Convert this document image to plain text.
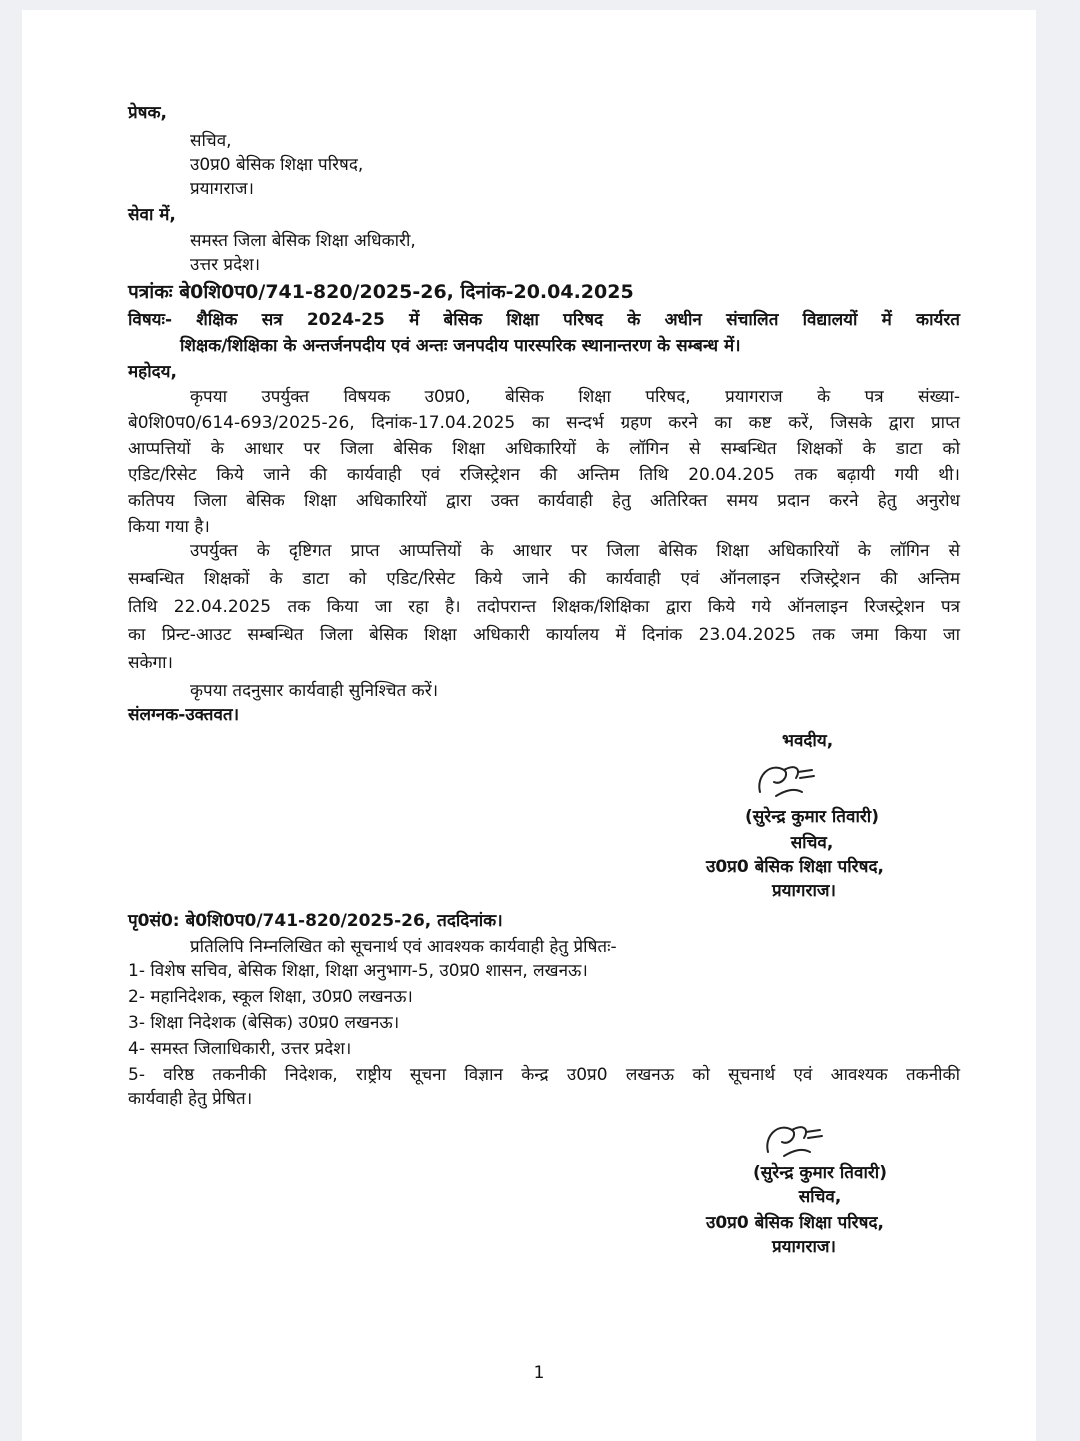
प्रेषक,
सचिव,
उ0प्र0 बेसिक शिक्षा परिषद,
प्रयागराज।
सेवा में,
समस्त जिला बेसिक शिक्षा अधिकारी,
उत्तर प्रदेश।
पत्रांकः बे0शि0प0/741-820/2025-26, दिनांक-20.04.2025
विषयः- शैक्षिक सत्र 2024-25 में बेसिक शिक्षा परिषद के अधीन संचालित विद्यालयों में कार्यरत
शिक्षक/शिक्षिका के अन्तर्जनपदीय एवं अन्तः जनपदीय पारस्परिक स्थानान्तरण के सम्बन्ध में।
महोदय,
कृपया उपर्युक्त विषयक उ0प्र0, बेसिक शिक्षा परिषद, प्रयागराज के पत्र संख्या-
बे0शि0प0/614-693/2025-26, दिनांक-17.04.2025 का सन्दर्भ ग्रहण करने का कष्ट करें, जिसके द्वारा प्राप्त
आप्पत्तियों के आधार पर जिला बेसिक शिक्षा अधिकारियों के लॉगिन से सम्बन्धित शिक्षकों के डाटा को
एडिट/रिसेट किये जाने की कार्यवाही एवं रजिस्ट्रेशन की अन्तिम तिथि 20.04.205 तक बढ़ायी गयी थी।
कतिपय जिला बेसिक शिक्षा अधिकारियों द्वारा उक्त कार्यवाही हेतु अतिरिक्त समय प्रदान करने हेतु अनुरोध
किया गया है।
उपर्युक्त के दृष्टिगत प्राप्त आप्पत्तियों के आधार पर जिला बेसिक शिक्षा अधिकारियों के लॉगिन से
सम्बन्धित शिक्षकों के डाटा को एडिट/रिसेट किये जाने की कार्यवाही एवं ऑनलाइन रजिस्ट्रेशन की अन्तिम
तिथि 22.04.2025 तक किया जा रहा है। तदोपरान्त शिक्षक/शिक्षिका द्वारा किये गये ऑनलाइन रिजस्ट्रेशन पत्र
का प्रिन्ट-आउट सम्बन्धित जिला बेसिक शिक्षा अधिकारी कार्यालय में दिनांक 23.04.2025 तक जमा किया जा
सकेगा।
कृपया तदनुसार कार्यवाही सुनिश्चित करें।
संलग्नक-उक्तवत।
भवदीय,
(सुरेन्द्र कुमार तिवारी)
सचिव,
उ0प्र0 बेसिक शिक्षा परिषद,
प्रयागराज।
पृ0सं0: बे0शि0प0/741-820/2025-26, तददिनांक।
प्रतिलिपि निम्नलिखित को सूचनार्थ एवं आवश्यक कार्यवाही हेतु प्रेषितः-
1- विशेष सचिव, बेसिक शिक्षा, शिक्षा अनुभाग-5, उ0प्र0 शासन, लखनऊ।
2- महानिदेशक, स्कूल शिक्षा, उ0प्र0 लखनऊ।
3- शिक्षा निदेशक (बेसिक) उ0प्र0 लखनऊ।
4- समस्त जिलाधिकारी, उत्तर प्रदेश।
5- वरिष्ठ तकनीकी निदेशक, राष्ट्रीय सूचना विज्ञान केन्द्र उ0प्र0 लखनऊ को सूचनार्थ एवं आवश्यक तकनीकी
कार्यवाही हेतु प्रेषित।
(सुरेन्द्र कुमार तिवारी)
सचिव,
उ0प्र0 बेसिक शिक्षा परिषद,
प्रयागराज।
1
